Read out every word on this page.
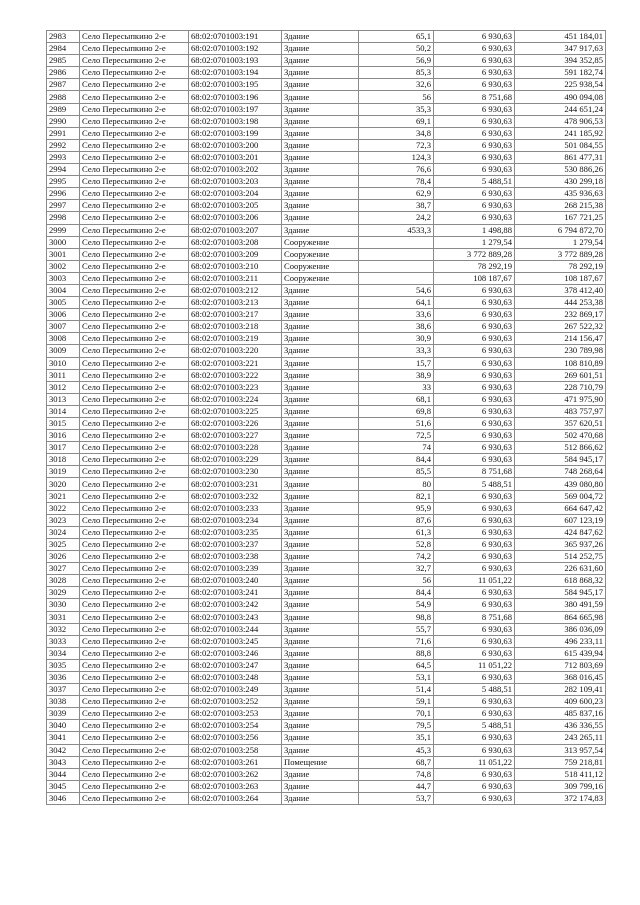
2983	Село Пересыпкино 2-е	68:02:0701003:191	Здание	65,1	6 930,63	451 184,01
2984	Село Пересыпкино 2-е	68:02:0701003:192	Здание	50,2	6 930,63	347 917,63
2985	Село Пересыпкино 2-е	68:02:0701003:193	Здание	56,9	6 930,63	394 352,85
2986	Село Пересыпкино 2-е	68:02:0701003:194	Здание	85,3	6 930,63	591 182,74
2987	Село Пересыпкино 2-е	68:02:0701003:195	Здание	32,6	6 930,63	225 938,54
2988	Село Пересыпкино 2-е	68:02:0701003:196	Здание	56	8 751,68	490 094,08
2989	Село Пересыпкино 2-е	68:02:0701003:197	Здание	35,3	6 930,63	244 651,24
2990	Село Пересыпкино 2-е	68:02:0701003:198	Здание	69,1	6 930,63	478 906,53
2991	Село Пересыпкино 2-е	68:02:0701003:199	Здание	34,8	6 930,63	241 185,92
2992	Село Пересыпкино 2-е	68:02:0701003:200	Здание	72,3	6 930,63	501 084,55
2993	Село Пересыпкино 2-е	68:02:0701003:201	Здание	124,3	6 930,63	861 477,31
2994	Село Пересыпкино 2-е	68:02:0701003:202	Здание	76,6	6 930,63	530 886,26
2995	Село Пересыпкино 2-е	68:02:0701003:203	Здание	78,4	5 488,51	430 299,18
2996	Село Пересыпкино 2-е	68:02:0701003:204	Здание	62,9	6 930,63	435 936,63
2997	Село Пересыпкино 2-е	68:02:0701003:205	Здание	38,7	6 930,63	268 215,38
2998	Село Пересыпкино 2-е	68:02:0701003:206	Здание	24,2	6 930,63	167 721,25
2999	Село Пересыпкино 2-е	68:02:0701003:207	Здание	4533,3	1 498,88	6 794 872,70
3000	Село Пересыпкино 2-е	68:02:0701003:208	Сооружение		1 279,54	1 279,54
3001	Село Пересыпкино 2-е	68:02:0701003:209	Сооружение		3 772 889,28	3 772 889,28
3002	Село Пересыпкино 2-е	68:02:0701003:210	Сооружение		78 292,19	78 292,19
3003	Село Пересыпкино 2-е	68:02:0701003:211	Сооружение		108 187,67	108 187,67
3004	Село Пересыпкино 2-е	68:02:0701003:212	Здание	54,6	6 930,63	378 412,40
3005	Село Пересыпкино 2-е	68:02:0701003:213	Здание	64,1	6 930,63	444 253,38
3006	Село Пересыпкино 2-е	68:02:0701003:217	Здание	33,6	6 930,63	232 869,17
3007	Село Пересыпкино 2-е	68:02:0701003:218	Здание	38,6	6 930,63	267 522,32
3008	Село Пересыпкино 2-е	68:02:0701003:219	Здание	30,9	6 930,63	214 156,47
3009	Село Пересыпкино 2-е	68:02:0701003:220	Здание	33,3	6 930,63	230 789,98
3010	Село Пересыпкино 2-е	68:02:0701003:221	Здание	15,7	6 930,63	108 810,89
3011	Село Пересыпкино 2-е	68:02:0701003:222	Здание	38,9	6 930,63	269 601,51
3012	Село Пересыпкино 2-е	68:02:0701003:223	Здание	33	6 930,63	228 710,79
3013	Село Пересыпкино 2-е	68:02:0701003:224	Здание	68,1	6 930,63	471 975,90
3014	Село Пересыпкино 2-е	68:02:0701003:225	Здание	69,8	6 930,63	483 757,97
3015	Село Пересыпкино 2-е	68:02:0701003:226	Здание	51,6	6 930,63	357 620,51
3016	Село Пересыпкино 2-е	68:02:0701003:227	Здание	72,5	6 930,63	502 470,68
3017	Село Пересыпкино 2-е	68:02:0701003:228	Здание	74	6 930,63	512 866,62
3018	Село Пересыпкино 2-е	68:02:0701003:229	Здание	84,4	6 930,63	584 945,17
3019	Село Пересыпкино 2-е	68:02:0701003:230	Здание	85,5	8 751,68	748 268,64
3020	Село Пересыпкино 2-е	68:02:0701003:231	Здание	80	5 488,51	439 080,80
3021	Село Пересыпкино 2-е	68:02:0701003:232	Здание	82,1	6 930,63	569 004,72
3022	Село Пересыпкино 2-е	68:02:0701003:233	Здание	95,9	6 930,63	664 647,42
3023	Село Пересыпкино 2-е	68:02:0701003:234	Здание	87,6	6 930,63	607 123,19
3024	Село Пересыпкино 2-е	68:02:0701003:235	Здание	61,3	6 930,63	424 847,62
3025	Село Пересыпкино 2-е	68:02:0701003:237	Здание	52,8	6 930,63	365 937,26
3026	Село Пересыпкино 2-е	68:02:0701003:238	Здание	74,2	6 930,63	514 252,75
3027	Село Пересыпкино 2-е	68:02:0701003:239	Здание	32,7	6 930,63	226 631,60
3028	Село Пересыпкино 2-е	68:02:0701003:240	Здание	56	11 051,22	618 868,32
3029	Село Пересыпкино 2-е	68:02:0701003:241	Здание	84,4	6 930,63	584 945,17
3030	Село Пересыпкино 2-е	68:02:0701003:242	Здание	54,9	6 930,63	380 491,59
3031	Село Пересыпкино 2-е	68:02:0701003:243	Здание	98,8	8 751,68	864 665,98
3032	Село Пересыпкино 2-е	68:02:0701003:244	Здание	55,7	6 930,63	386 036,09
3033	Село Пересыпкино 2-е	68:02:0701003:245	Здание	71,6	6 930,63	496 233,11
3034	Село Пересыпкино 2-е	68:02:0701003:246	Здание	88,8	6 930,63	615 439,94
3035	Село Пересыпкино 2-е	68:02:0701003:247	Здание	64,5	11 051,22	712 803,69
3036	Село Пересыпкино 2-е	68:02:0701003:248	Здание	53,1	6 930,63	368 016,45
3037	Село Пересыпкино 2-е	68:02:0701003:249	Здание	51,4	5 488,51	282 109,41
3038	Село Пересыпкино 2-е	68:02:0701003:252	Здание	59,1	6 930,63	409 600,23
3039	Село Пересыпкино 2-е	68:02:0701003:253	Здание	70,1	6 930,63	485 837,16
3040	Село Пересыпкино 2-е	68:02:0701003:254	Здание	79,5	5 488,51	436 336,55
3041	Село Пересыпкино 2-е	68:02:0701003:256	Здание	35,1	6 930,63	243 265,11
3042	Село Пересыпкино 2-е	68:02:0701003:258	Здание	45,3	6 930,63	313 957,54
3043	Село Пересыпкино 2-е	68:02:0701003:261	Помещение	68,7	11 051,22	759 218,81
3044	Село Пересыпкино 2-е	68:02:0701003:262	Здание	74,8	6 930,63	518 411,12
3045	Село Пересыпкино 2-е	68:02:0701003:263	Здание	44,7	6 930,63	309 799,16
3046	Село Пересыпкино 2-е	68:02:0701003:264	Здание	53,7	6 930,63	372 174,83
